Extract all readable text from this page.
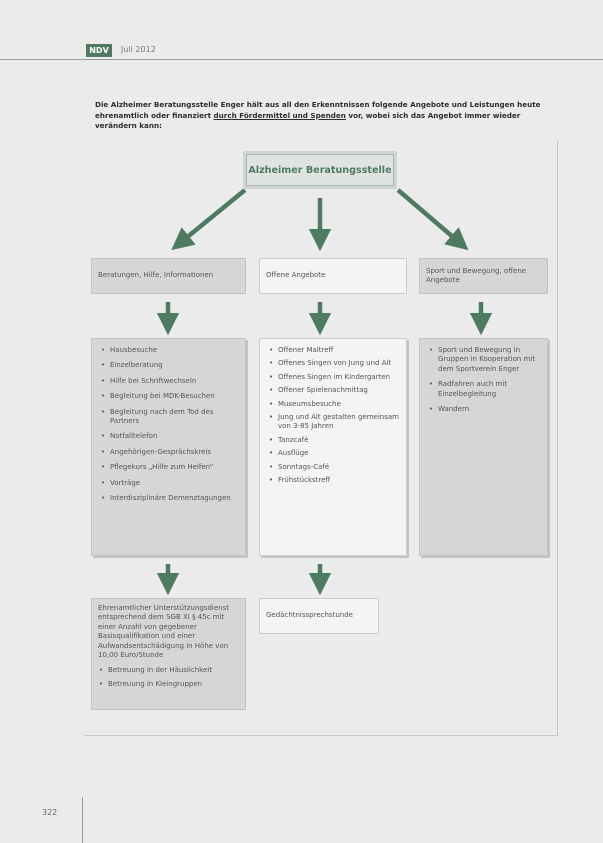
NDV	Juli 2012
Die Alzheimer Beratungsstelle Enger hält aus all den Erkenntnissen folgende Angebote und Leistungen heute ehrenamtlich oder finanziert durch Fördermittel und Spenden vor, wobei sich das Angebot immer wieder verändern kann:
Alzheimer Beratungsstelle
Beratungen, Hilfe, Informationen	Offene Angebote	Sport und Bewegung, offene Angebote
• Hausbesuche
• Einzelberatung
• Hilfe bei Schriftwechseln
• Begleitung bei MDK-Besuchen
• Begleitung nach dem Tod des Partners
• Notfalltelefon
• Angehörigen-Gesprächskreis
• Pflegekurs „Hilfe zum Helfen“
• Vorträge
• Interdisziplinäre Demenztagungen
• Offener Maltreff
• Offenes Singen von Jung und Alt
• Offenes Singen im Kindergarten
• Offener Spielenachmittag
• Museumsbesuche
• Jung und Alt gestalten gemeinsam von 3-85 Jahren
• Tanzcafé
• Ausflüge
• Sonntags-Café
• Frühstückstreff
• Sport und Bewegung in Gruppen in Kooperation mit dem Sportverein Enger
• Radfahren auch mit Einzelbegleitung
• Wandern
Ehrenamtlicher Unterstützungsdienst entsprechend dem SGB XI § 45c mit einer Anzahl von gegebener Basisqualifikation und einer Aufwandsentschädigung in Höhe von 10,00 Euro/Stunde
• Betreuung in der Häuslichkeit
• Betreuung in Kleingruppen
Gedächtnissprechstunde
322
